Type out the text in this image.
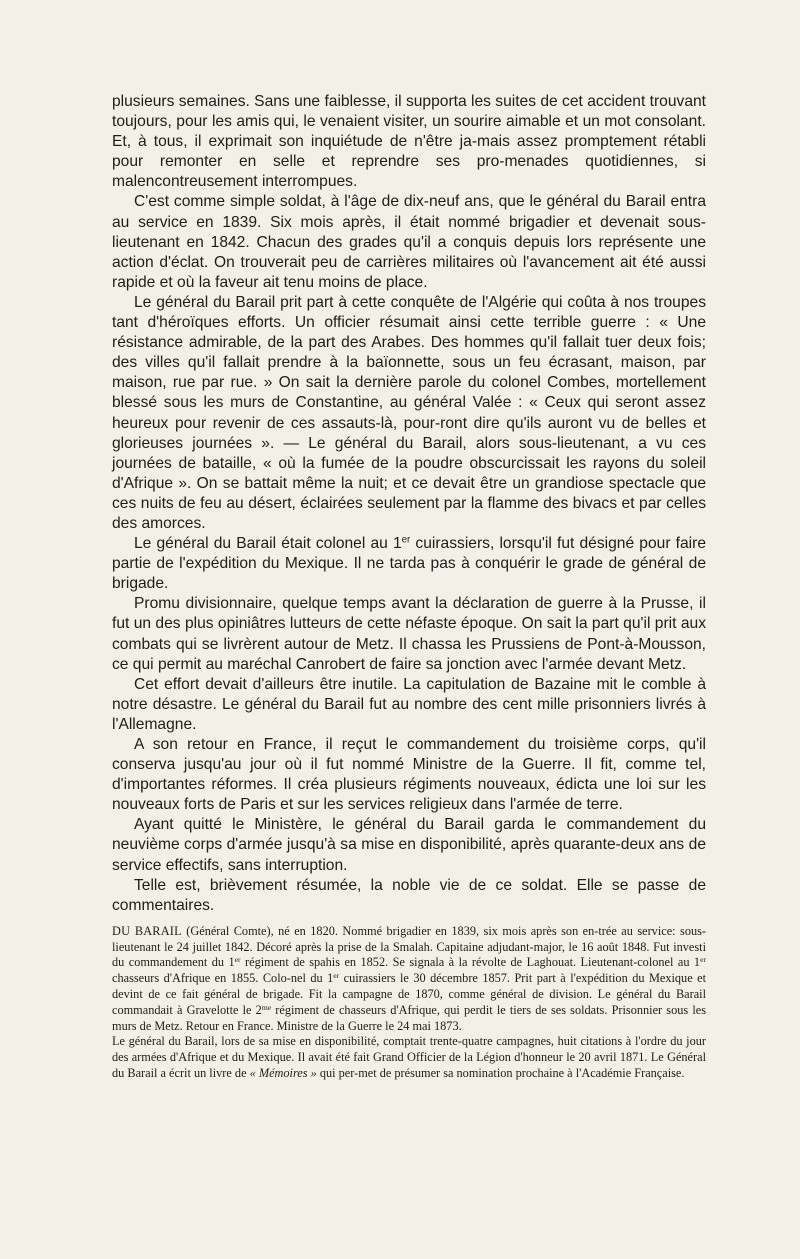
plusieurs semaines. Sans une faiblesse, il supporta les suites de cet accident trouvant toujours, pour les amis qui, le venaient visiter, un sourire aimable et un mot consolant. Et, à tous, il exprimait son inquiétude de n'être ja-mais assez promptement rétabli pour remonter en selle et reprendre ses pro-menades quotidiennes, si malencontreusement interrompues.

C'est comme simple soldat, à l'âge de dix-neuf ans, que le général du Barail entra au service en 1839. Six mois après, il était nommé brigadier et devenait sous-lieutenant en 1842. Chacun des grades qu'il a conquis depuis lors représente une action d'éclat. On trouverait peu de carrières militaires où l'avancement ait été aussi rapide et où la faveur ait tenu moins de place.

Le général du Barail prit part à cette conquête de l'Algérie qui coûta à nos troupes tant d'héroïques efforts. Un officier résumait ainsi cette terrible guerre : « Une résistance admirable, de la part des Arabes. Des hommes qu'il fallait tuer deux fois; des villes qu'il fallait prendre à la baïonnette, sous un feu écrasant, maison, par maison, rue par rue. » On sait la dernière parole du colonel Combes, mortellement blessé sous les murs de Constantine, au général Valée : « Ceux qui seront assez heureux pour revenir de ces assauts-là, pour-ront dire qu'ils auront vu de belles et glorieuses journées ». — Le général du Barail, alors sous-lieutenant, a vu ces journées de bataille, « où la fumée de la poudre obscurcissait les rayons du soleil d'Afrique ». On se battait même la nuit; et ce devait être un grandiose spectacle que ces nuits de feu au désert, éclairées seulement par la flamme des bivacs et par celles des amorces.

Le général du Barail était colonel au 1er cuirassiers, lorsqu'il fut désigné pour faire partie de l'expédition du Mexique. Il ne tarda pas à conquérir le grade de général de brigade.

Promu divisionnaire, quelque temps avant la déclaration de guerre à la Prusse, il fut un des plus opiniâtres lutteurs de cette néfaste époque. On sait la part qu'il prit aux combats qui se livrèrent autour de Metz. Il chassa les Prussiens de Pont-à-Mousson, ce qui permit au maréchal Canrobert de faire sa jonction avec l'armée devant Metz.

Cet effort devait d'ailleurs être inutile. La capitulation de Bazaine mit le comble à notre désastre. Le général du Barail fut au nombre des cent mille prisonniers livrés à l'Allemagne.

A son retour en France, il reçut le commandement du troisième corps, qu'il conserva jusqu'au jour où il fut nommé Ministre de la Guerre. Il fit, comme tel, d'importantes réformes. Il créa plusieurs régiments nouveaux, édicta une loi sur les nouveaux forts de Paris et sur les services religieux dans l'armée de terre.

Ayant quitté le Ministère, le général du Barail garda le commandement du neuvième corps d'armée jusqu'à sa mise en disponibilité, après quarante-deux ans de service effectifs, sans interruption.

Telle est, brièvement résumée, la noble vie de ce soldat. Elle se passe de commentaires.

DU BARAIL (Général Comte), né en 1820. Nommé brigadier en 1839, six mois après son en-trée au service: sous-lieutenant le 24 juillet 1842. Décoré après la prise de la Smalah. Capitaine adjudant-major, le 16 août 1848. Fut investi du commandement du 1er régiment de spahis en 1852. Se signala à la révolte de Laghouat. Lieutenant-colonel au 1er chasseurs d'Afrique en 1855. Colo-nel du 1er cuirassiers le 30 décembre 1857. Prit part à l'expédition du Mexique et devint de ce fait général de brigade. Fit la campagne de 1870, comme général de division. Le général du Barail commandait à Gravelotte le $2^{me}$ régiment de chasseurs d'Afrique, qui perdit le tiers de ses soldats. Prisonnier sous les murs de Metz. Retour en France. Ministre de la Guerre le 24 mai 1873.

Le général du Barail, lors de sa mise en disponibilité, comptait trente-quatre campagnes, huit citations à l'ordre du jour des armées d'Afrique et du Mexique. Il avait été fait Grand Officier de la Légion d'honneur le 20 avril 1871. Le Général du Barail a écrit un livre de « Mémoires » qui per-met de présumer sa nomination prochaine à l'Académie Française.
